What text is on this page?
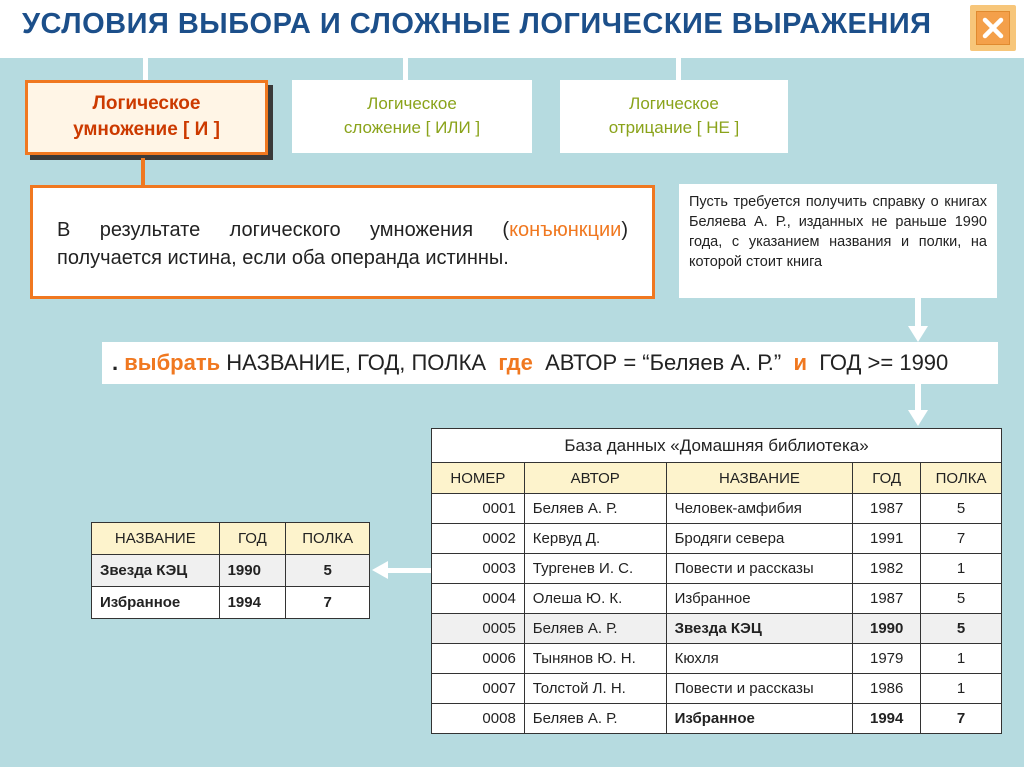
УСЛОВИЯ ВЫБОРА И СЛОЖНЫЕ ЛОГИЧЕСКИЕ ВЫРАЖЕНИЯ
Логическое
умножение [ И ]
Логическое
сложение [ ИЛИ ]
Логическое
отрицание [ НЕ ]
В результате логического умножения (конъюнкции) получается истина, если оба операнда истинны.
Пусть требуется получить справку о книгах Беляева А. Р., изданных не раньше 1990 года, с указанием названия и полки, на которой стоит книга
. выбрать НАЗВАНИЕ, ГОД, ПОЛКА где АВТОР = “Беляев А. Р.” и ГОД >= 1990
База данных «Домашняя библиотека»				
НОМЕР	АВТОР	НАЗВАНИЕ	ГОД	ПОЛКА
0001	Беляев А. Р.	Человек-амфибия	1987	5
0002	Кервуд Д.	Бродяги севера	1991	7
0003	Тургенев И. С.	Повести и рассказы	1982	1
0004	Олеша Ю. К.	Избранное	1987	5
0005	Беляев А. Р.	Звезда КЭЦ	1990	5
0006	Тынянов Ю. Н.	Кюхля	1979	1
0007	Толстой Л. Н.	Повести и рассказы	1986	1
0008	Беляев А. Р.	Избранное	1994	7
НАЗВАНИЕ	ГОД	ПОЛКА
Звезда КЭЦ	1990	5
Избранное	1994	7
